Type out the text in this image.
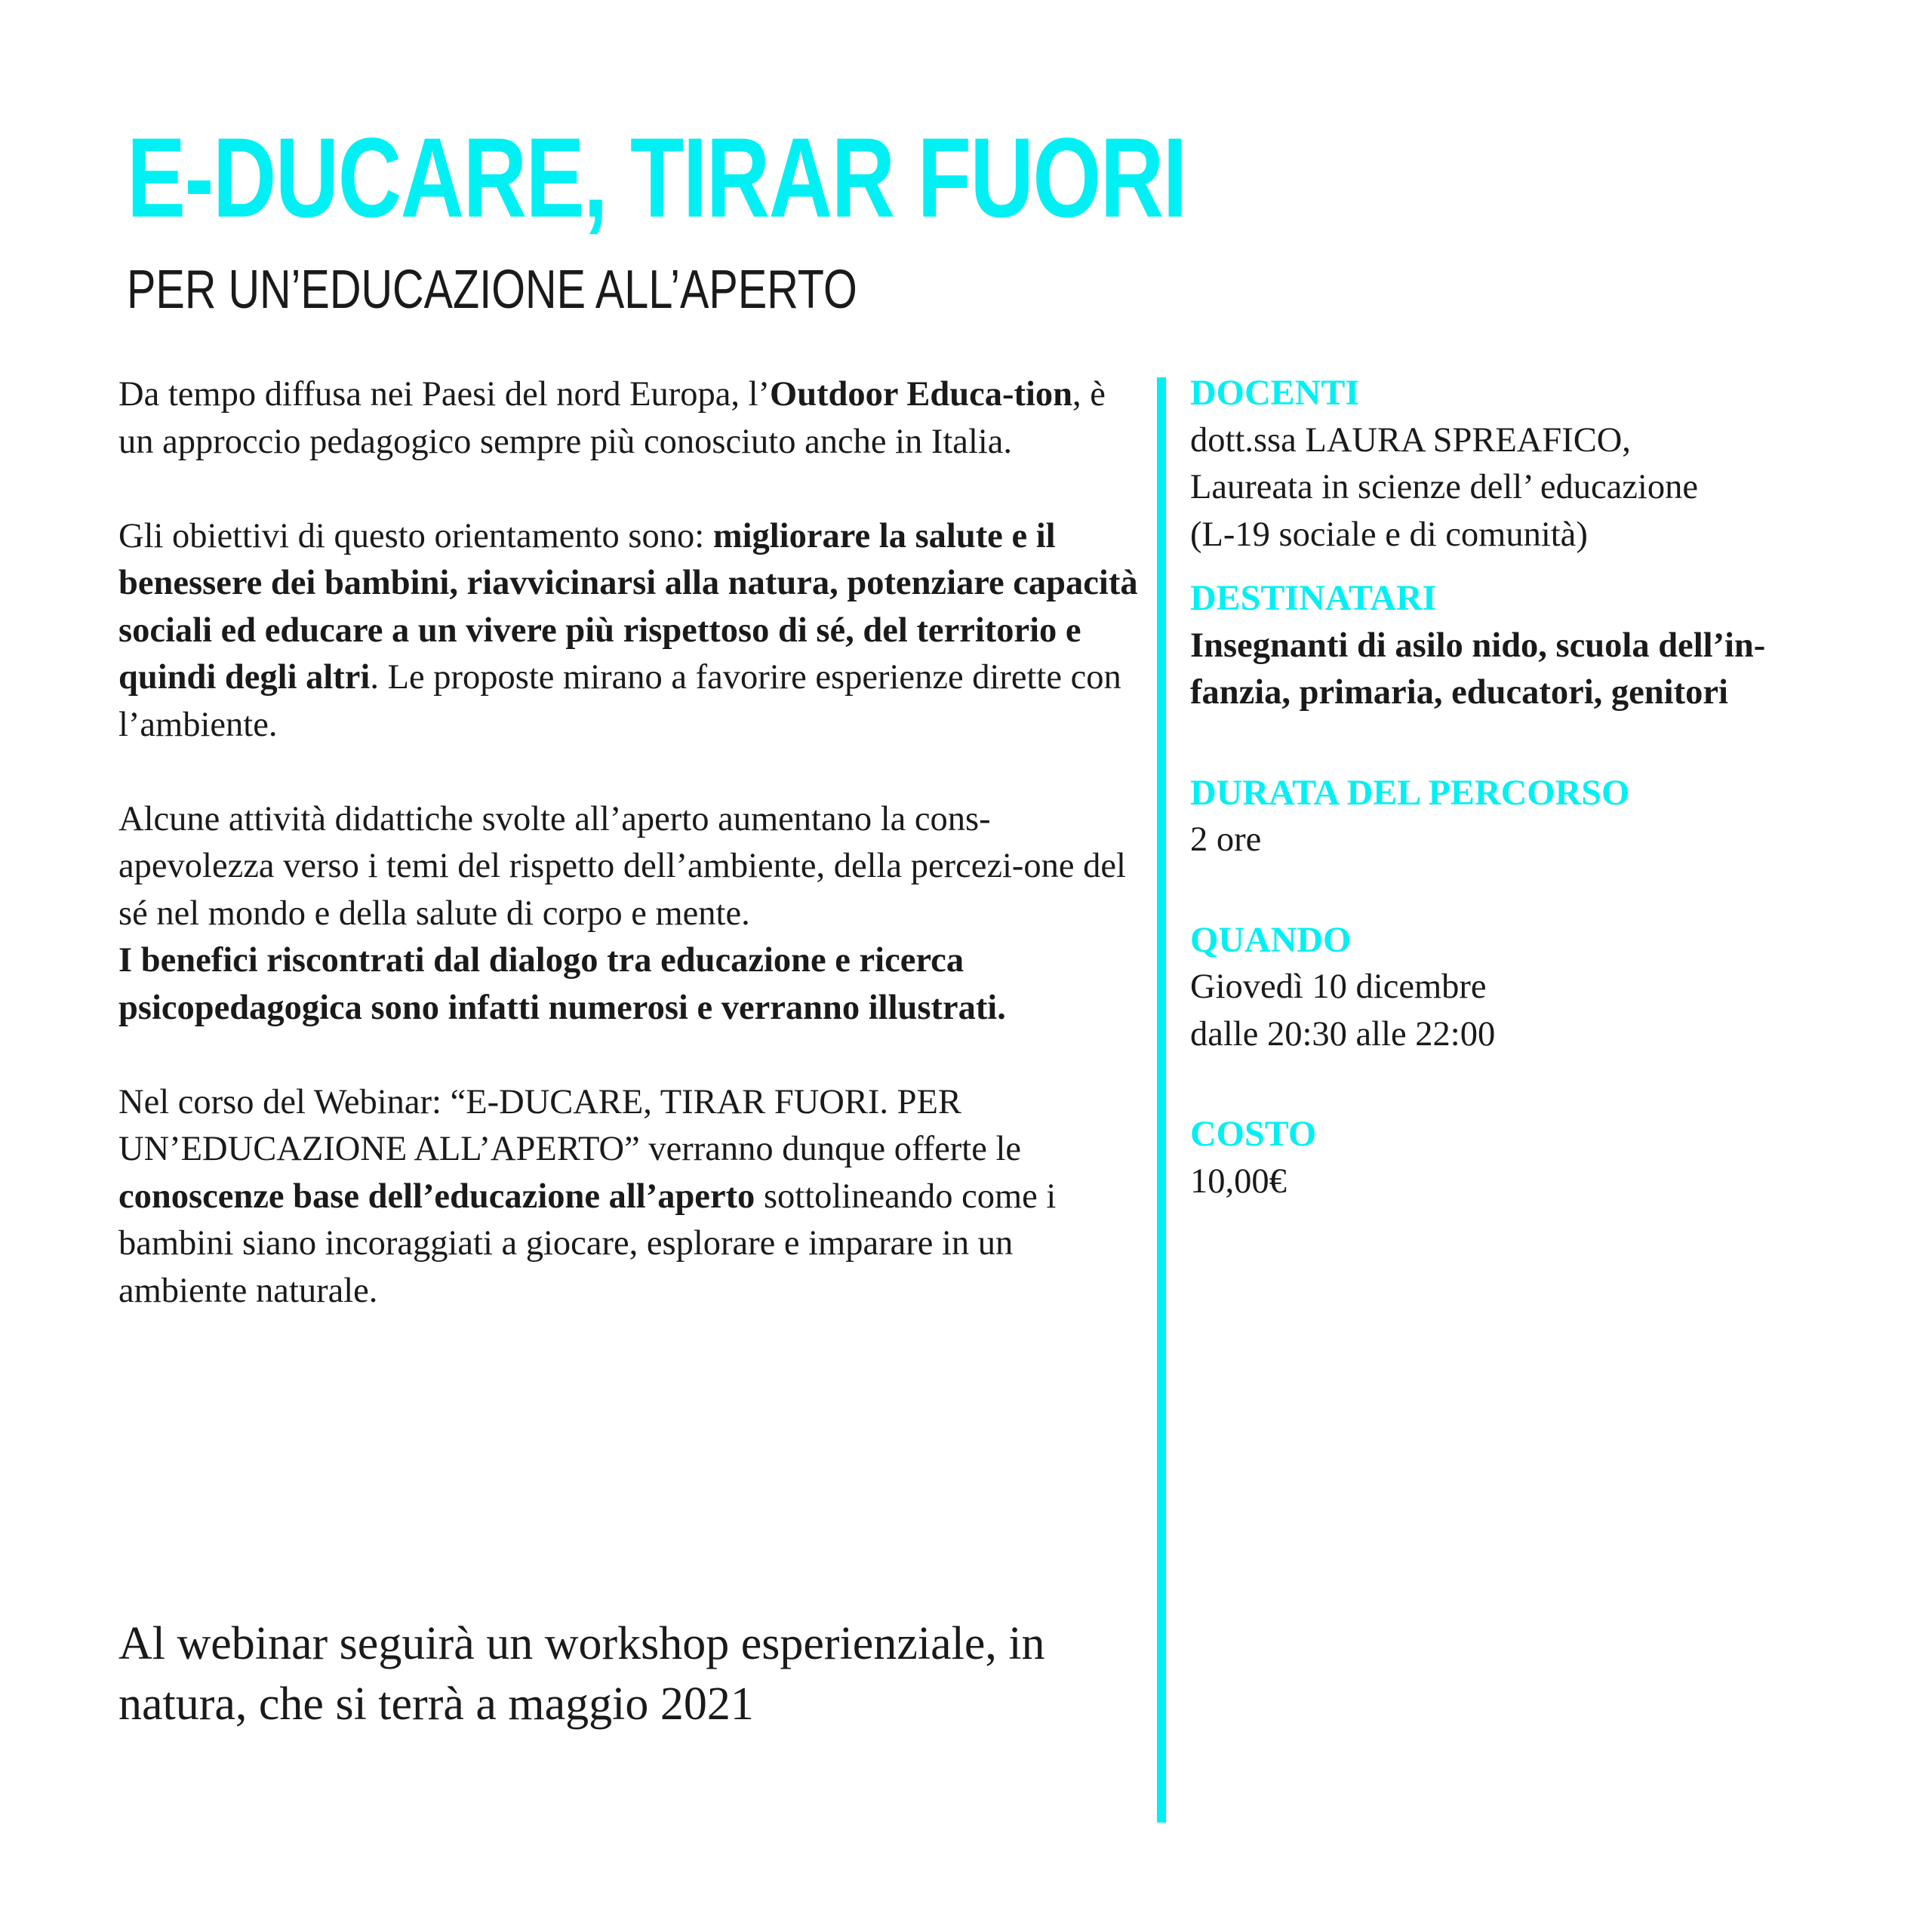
E-DUCARE, TIRAR FUORI
PER UN’EDUCAZIONE ALL’APERTO

Da tempo diffusa nei Paesi del nord Europa, l’Outdoor Educa-tion, è un approccio pedagogico sempre più conosciuto anche in Italia.

Gli obiettivi di questo orientamento sono: migliorare la salute e il benessere dei bambini, riavvicinarsi alla natura, potenziare capacità sociali ed educare a un vivere più rispettoso di sé, del territorio e quindi degli altri. Le proposte mirano a favorire esperienze dirette con l’ambiente.

Alcune attività didattiche svolte all’aperto aumentano la cons-apevolezza verso i temi del rispetto dell’ambiente, della percezi-one del sé nel mondo e della salute di corpo e mente.
I benefici riscontrati dal dialogo tra educazione e ricerca psicopedagogica sono infatti numerosi e verranno illustrati.

Nel corso del Webinar: “E-DUCARE, TIRAR FUORI. PER UN’EDUCAZIONE ALL’APERTO” verranno dunque offerte le conoscenze base dell’educazione all’aperto sottolineando come i bambini siano incoraggiati a giocare, esplorare e imparare in un ambiente naturale.

Al webinar seguirà un workshop esperienziale, in natura, che si terrà a maggio 2021

DOCENTI
dott.ssa LAURA SPREAFICO,
Laureata in scienze dell’ educazione
(L-19 sociale e di comunità)
DESTINATARI
Insegnanti di asilo nido, scuola dell’in-
fanzia, primaria, educatori, genitori
DURATA DEL PERCORSO
2 ore
QUANDO
Giovedì 10 dicembre
dalle 20:30 alle 22:00
COSTO
10,00€
